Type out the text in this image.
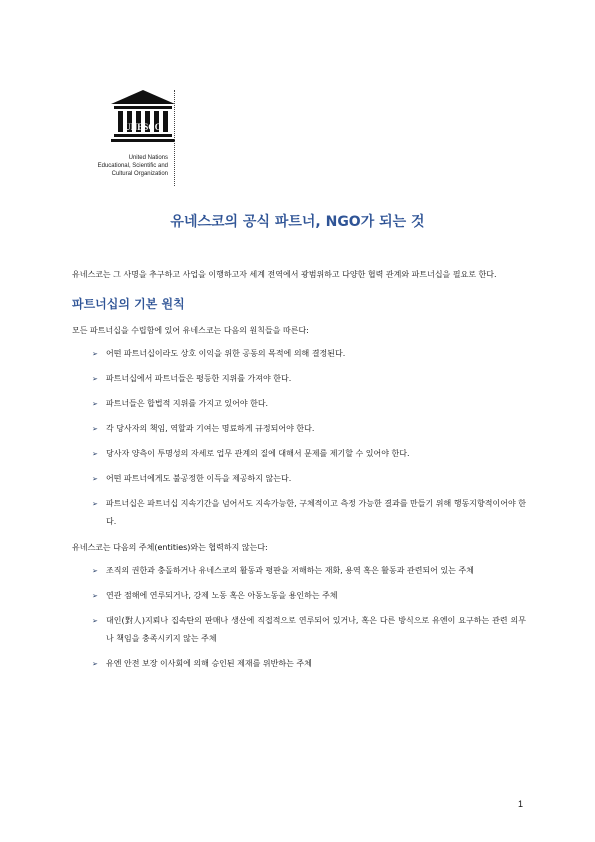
UNESCO
United Nations
Educational, Scientific and
Cultural Organization
유네스코의 공식 파트너, NGO가 되는 것

유네스코는 그 사명을 추구하고 사업을 이행하고자 세계 전역에서 광범위하고 다양한 협력 관계와 파트너십을 필요로 한다.

파트너십의 기본 원칙

모든 파트너십을 수립함에 있어 유네스코는 다음의 원칙들을 따른다:

➢ 어떤 파트너십이라도 상호 이익을 위한 공동의 목적에 의해 결정된다.
➢ 파트너십에서 파트너들은 평등한 지위를 가져야 한다.
➢ 파트너들은 합법적 지위를 가지고 있어야 한다.
➢ 각 당사자의 책임, 역할과 기여는 명료하게 규정되어야 한다.
➢ 당사자 양측이 투명성의 자세로 업무 관계의 질에 대해서 문제를 제기할 수 있어야 한다.
➢ 어떤 파트너에게도 불공정한 이득을 제공하지 않는다.
➢ 파트너십은 파트너십 지속기간을 넘어서도 지속가능한, 구체적이고 측정 가능한 결과를 만들기 위해 행동지향적이어야 한다.

유네스코는 다음의 주체(entities)와는 협력하지 않는다:

➢ 조직의 권한과 충돌하거나 유네스코의 활동과 평판을 저해하는 재화, 용역 혹은 활동과 관련되어 있는 주체
➢ 연관 점해에 연루되거나, 강제 노동 혹은 아동노동을 용인하는 주체
➢ 대인(對人)지뢰나 집속탄의 판매나 생산에 직접적으로 연루되어 있거나, 혹은 다른 방식으로 유엔이 요구하는 관련 의무나 책임을 충족시키지 않는 주체
➢ 유엔 안전 보장 이사회에 의해 승인된 제재를 위반하는 주체
1
